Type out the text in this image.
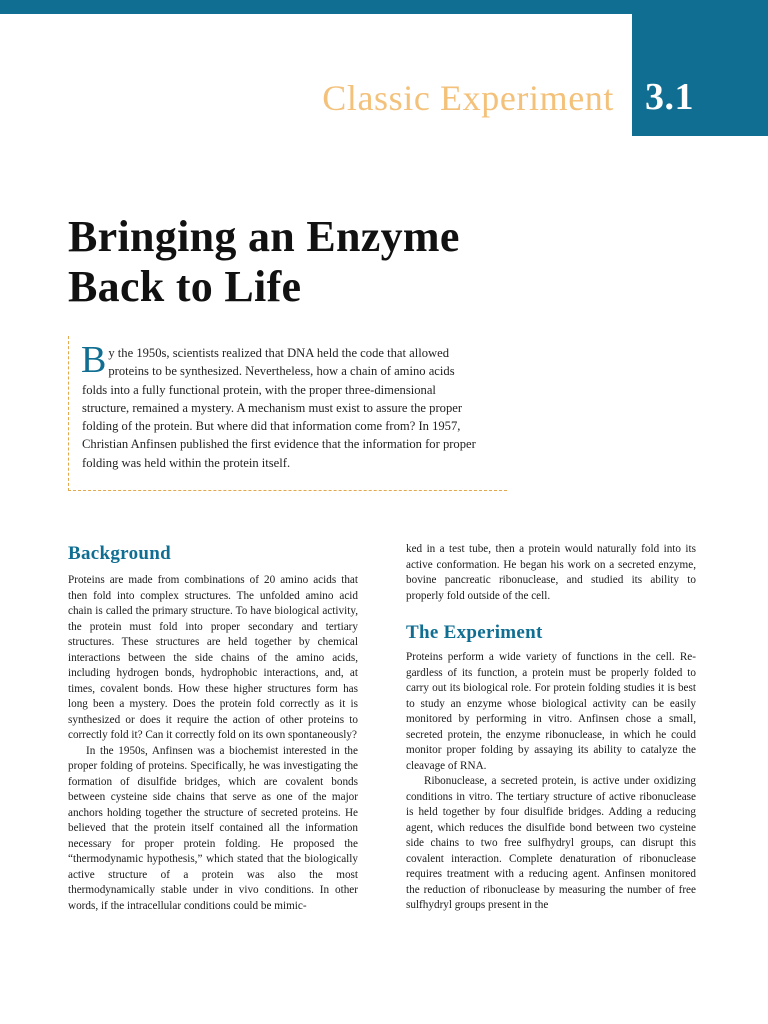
3.1
Classic Experiment
Bringing an Enzyme
Back to Life

By the 1950s, scientists realized that DNA held the code that allowed proteins to be synthesized. Nevertheless, how a chain of amino acids folds into a fully functional protein, with the proper three-dimensional structure, remained a mystery. A mechanism must exist to assure the proper folding of the protein. But where did that information come from? In 1957, Christian Anfinsen published the first evidence that the information for proper folding was held within the protein itself.

Background

Proteins are made from combinations of 20 amino acids that then fold into complex structures. The unfolded amino acid chain is called the primary structure. To have biological activity, the protein must fold into proper secondary and tertiary structures. These structures are held together by chemical interactions between the side chains of the amino acids, including hydrogen bonds, hydrophobic interactions, and, at times, covalent bonds. How these higher structures form has long been a mystery. Does the protein fold correctly as it is synthesized or does it require the action of other proteins to correctly fold it? Can it correctly fold on its own spontaneously?

In the 1950s, Anfinsen was a biochemist interested in the proper folding of proteins. Specifically, he was investigating the formation of disulfide bridges, which are covalent bonds between cysteine side chains that serve as one of the major anchors holding together the structure of secreted proteins. He believed that the protein itself contained all the information necessary for proper protein folding. He proposed the “thermodynamic hypothesis,” which stated that the biologically active structure of a protein was also the most thermodynamically stable under in vivo conditions. In other words, if the intracellular conditions could be mimic-

ked in a test tube, then a protein would naturally fold into its active conformation. He began his work on a secreted enzyme, bovine pancreatic ribonuclease, and studied its ability to properly fold outside of the cell.

The Experiment

Proteins perform a wide variety of functions in the cell. Regardless of its function, a protein must be properly folded to carry out its biological role. For protein folding studies it is best to study an enzyme whose biological activity can be easily monitored by performing in vitro. Anfinsen chose a small, secreted protein, the enzyme ribonuclease, in which he could monitor proper folding by assaying its ability to catalyze the cleavage of RNA.

Ribonuclease, a secreted protein, is active under oxidizing conditions in vitro. The tertiary structure of active ribonuclease is held together by four disulfide bridges. Adding a reducing agent, which reduces the disulfide bond between two cysteine side chains to two free sulfhydryl groups, can disrupt this covalent interaction. Complete denaturation of ribonuclease requires treatment with a reducing agent. Anfinsen monitored the reduction of ribonuclease by measuring the number of free sulfhydryl groups present in the
